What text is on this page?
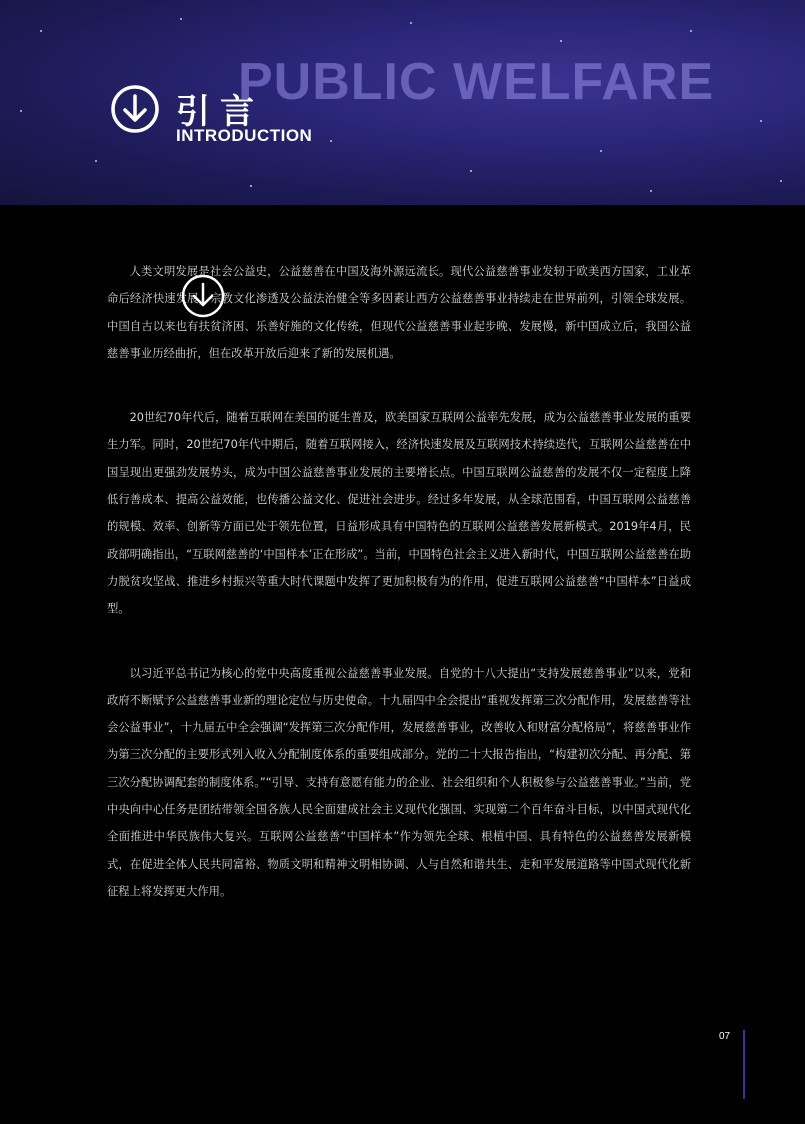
PUBLIC WELFARE
引言
INTRODUCTION

人类文明发展是社会公益史，公益慈善在中国及海外源远流长。现代公益慈善事业发轫于欧美西方国家，工业革命后经济快速发展，宗教文化渗透及公益法治健全等多因素让西方公益慈善事业持续走在世界前列，引领全球发展。中国自古以来也有扶贫济困、乐善好施的文化传统，但现代公益慈善事业起步晚、发展慢，新中国成立后，我国公益慈善事业历经曲折，但在改革开放后迎来了新的发展机遇。

20世纪70年代后，随着互联网在美国的诞生普及，欧美国家互联网公益率先发展，成为公益慈善事业发展的重要生力军。同时，20世纪70年代中期后，随着互联网接入，经济快速发展及互联网技术持续迭代，互联网公益慈善在中国呈现出更强劲发展势头，成为中国公益慈善事业发展的主要增长点。中国互联网公益慈善的发展不仅一定程度上降低行善成本、提高公益效能，也传播公益文化、促进社会进步。经过多年发展，从全球范围看，中国互联网公益慈善的规模、效率、创新等方面已处于领先位置，日益形成具有中国特色的互联网公益慈善发展新模式。2019年4月，民政部明确指出，“互联网慈善的‘中国样本’正在形成”。当前，中国特色社会主义进入新时代，中国互联网公益慈善在助力脱贫攻坚战、推进乡村振兴等重大时代课题中发挥了更加积极有为的作用，促进互联网公益慈善“中国样本”日益成型。

以习近平总书记为核心的党中央高度重视公益慈善事业发展。自党的十八大提出“支持发展慈善事业”以来，党和政府不断赋予公益慈善事业新的理论定位与历史使命。十九届四中全会提出“重视发挥第三次分配作用，发展慈善等社会公益事业”，十九届五中全会强调“发挥第三次分配作用，发展慈善事业，改善收入和财富分配格局”，将慈善事业作为第三次分配的主要形式列入收入分配制度体系的重要组成部分。党的二十大报告指出，“构建初次分配、再分配、第三次分配协调配套的制度体系。”“引导、支持有意愿有能力的企业、社会组织和个人积极参与公益慈善事业。”当前，党中央向中心任务是团结带领全国各族人民全面建成社会主义现代化强国、实现第二个百年奋斗目标，以中国式现代化全面推进中华民族伟大复兴。互联网公益慈善“中国样本”作为领先全球、根植中国、具有特色的公益慈善发展新模式，在促进全体人民共同富裕、物质文明和精神文明相协调、人与自然和谐共生、走和平发展道路等中国式现代化新征程上将发挥更大作用。

07
